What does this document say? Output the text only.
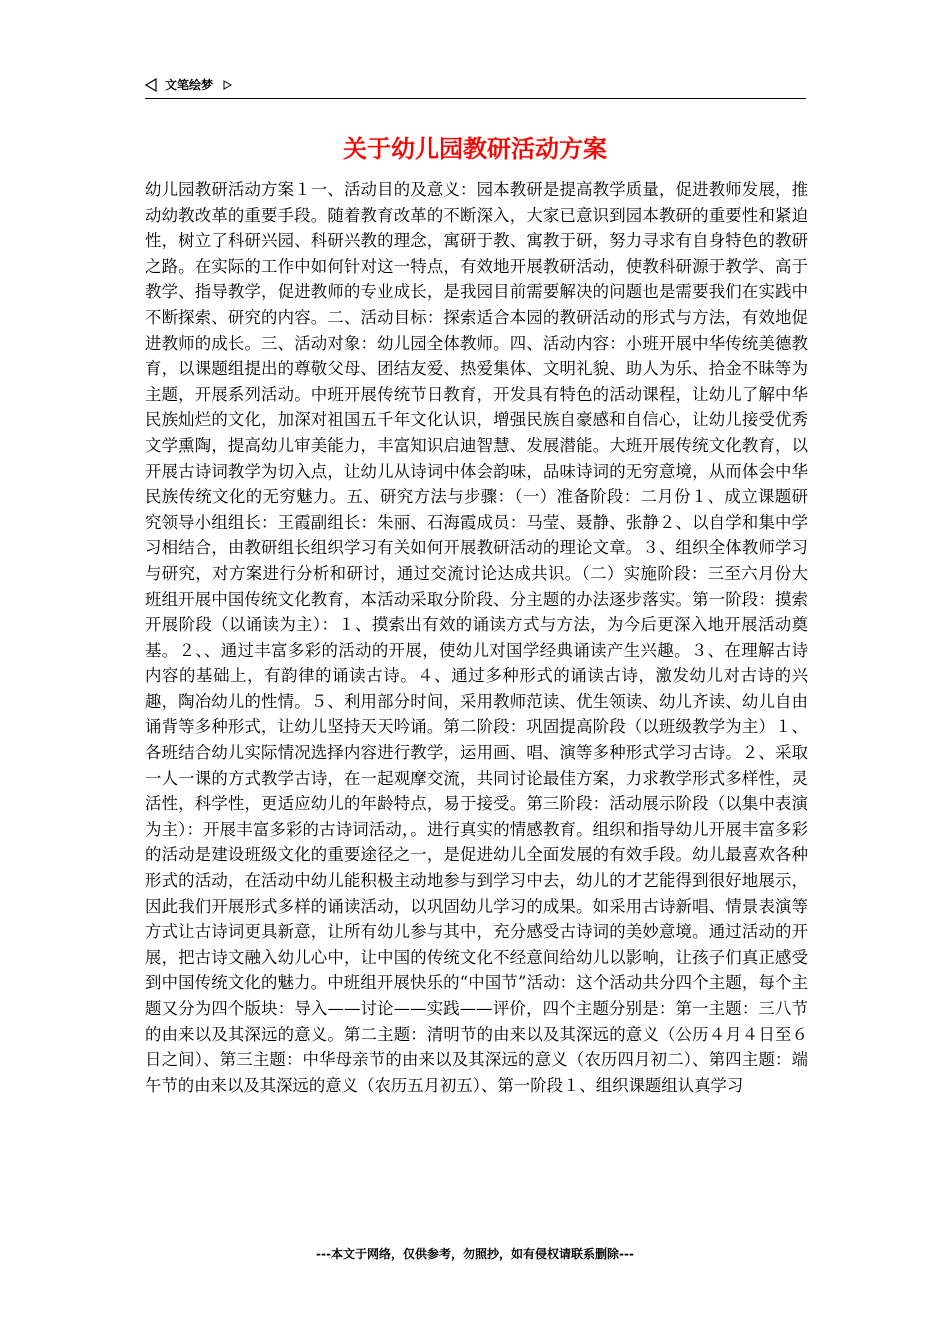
文笔绘梦
关于幼儿园教研活动方案

幼儿园教研活动方案１一、活动目的及意义：园本教研是提高教学质量，促进教师发展，推动幼教改革的重要手段。随着教育改革的不断深入，大家已意识到园本教研的重要性和紧迫性，树立了科研兴园、科研兴教的理念，寓研于教、寓教于研，努力寻求有自身特色的教研之路。在实际的工作中如何针对这一特点，有效地开展教研活动，使教科研源于教学、高于教学、指导教学，促进教师的专业成长，是我园目前需要解决的问题也是需要我们在实践中不断探索、研究的内容。二、活动目标：探索适合本园的教研活动的形式与方法，有效地促进教师的成长。三、活动对象：幼儿园全体教师。四、活动内容：小班开展中华传统美德教育，以课题组提出的尊敬父母、团结友爱、热爱集体、文明礼貌、助人为乐、拾金不昧等为主题，开展系列活动。中班开展传统节日教育，开发具有特色的活动课程，让幼儿了解中华民族灿烂的文化，加深对祖国五千年文化认识，增强民族自豪感和自信心，让幼儿接受优秀文学熏陶，提高幼儿审美能力，丰富知识启迪智慧、发展潜能。大班开展传统文化教育，以开展古诗词教学为切入点，让幼儿从诗词中体会韵味，品味诗词的无穷意境，从而体会中华民族传统文化的无穷魅力。五、研究方法与步骤：（一）准备阶段：二月份１、成立课题研究领导小组组长：王霞副组长：朱丽、石海霞成员：马莹、聂静、张静２、以自学和集中学习相结合，由教研组长组织学习有关如何开展教研活动的理论文章。３、组织全体教师学习与研究，对方案进行分析和研讨，通过交流讨论达成共识。（二）实施阶段：三至六月份大班组开展中国传统文化教育，本活动采取分阶段、分主题的办法逐步落实。第一阶段：摸索开展阶段（以诵读为主）：１、摸索出有效的诵读方式与方法，为今后更深入地开展活动奠基。２、、通过丰富多彩的活动的开展，使幼儿对国学经典诵读产生兴趣。３、在理解古诗内容的基础上，有韵律的诵读古诗。４、通过多种形式的诵读古诗，激发幼儿对古诗的兴趣，陶冶幼儿的性情。５、利用部分时间，采用教师范读、优生领读、幼儿齐读、幼儿自由诵背等多种形式，让幼儿坚持天天吟诵。第二阶段：巩固提高阶段（以班级教学为主）１、各班结合幼儿实际情况选择内容进行教学，运用画、唱、演等多种形式学习古诗。２、采取一人一课的方式教学古诗，在一起观摩交流，共同讨论最佳方案，力求教学形式多样性，灵活性，科学性，更适应幼儿的年龄特点，易于接受。第三阶段：活动展示阶段（以集中表演为主）：开展丰富多彩的古诗词活动，。进行真实的情感教育。组织和指导幼儿开展丰富多彩的活动是建设班级文化的重要途径之一，是促进幼儿全面发展的有效手段。幼儿最喜欢各种形式的活动，在活动中幼儿能积极主动地参与到学习中去，幼儿的才艺能得到很好地展示，因此我们开展形式多样的诵读活动，以巩固幼儿学习的成果。如采用古诗新唱、情景表演等方式让古诗词更具新意，让所有幼儿参与其中，充分感受古诗词的美妙意境。通过活动的开展，把古诗文融入幼儿心中，让中国的传统文化不经意间给幼儿以影响，让孩子们真正感受到中国传统文化的魅力。中班组开展快乐的“中国节”活动：这个活动共分四个主题，每个主题又分为四个版块：导入——讨论——实践——评价，四个主题分别是：第一主题：三八节的由来以及其深远的意义。第二主题：清明节的由来以及其深远的意义（公历４月４日至６日之间）、第三主题：中华母亲节的由来以及其深远的意义（农历四月初二）、第四主题：端午节的由来以及其深远的意义（农历五月初五）、第一阶段１、组织课题组认真学习

---本文于网络，仅供参考，勿照抄，如有侵权请联系删除---
